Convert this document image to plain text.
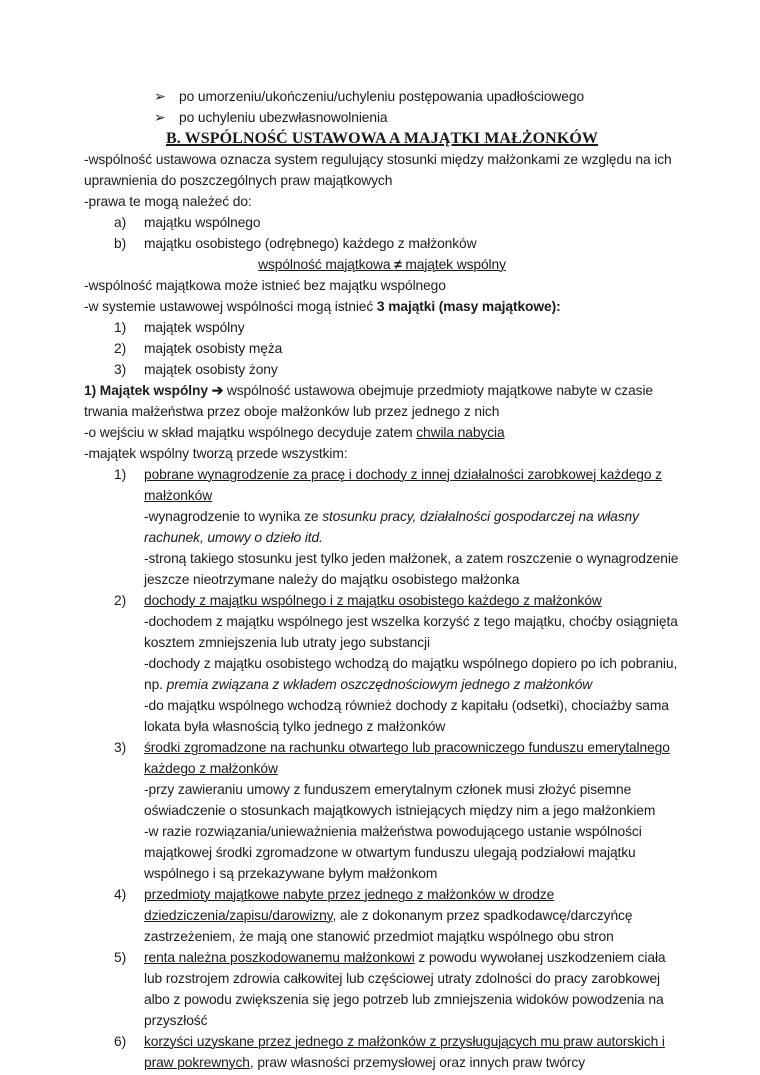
➢ po umorzeniu/ukończeniu/uchyleniu postępowania upadłościowego
➢ po uchyleniu ubezwłasnowolnienia
B. WSPÓLNOŚĆ USTAWOWA A MAJĄTKI MAŁŻONKÓW

-wspólność ustawowa oznacza system regulujący stosunki między małżonkami ze względu na ich uprawnienia do poszczególnych praw majątkowych

-prawa te mogą należeć do:

a)	majątku wspólnego
b)	majątku osobistego (odrębnego) każdego z małżonków
wspólność majątkowa ≠ majątek wspólny

-wspólność majątkowa może istnieć bez majątku wspólnego

-w systemie ustawowej wspólności mogą istnieć 3 majątki (masy majątkowe):

1)	majątek wspólny
2)	majątek osobisty męża
3)	majątek osobisty żony

1) Majątek wspólny ➔ wspólność ustawowa obejmuje przedmioty majątkowe nabyte w czasie trwania małżeństwa przez oboje małżonków lub przez jednego z nich

-o wejściu w skład majątku wspólnego decyduje zatem chwila nabycia

-majątek wspólny tworzą przede wszystkim:

1)	pobrane wynagrodzenie za pracę i dochody z innej działalności zarobkowej każdego z małżonków

-wynagrodzenie to wynika ze stosunku pracy, działalności gospodarczej na własny rachunek, umowy o dzieło itd.

-stroną takiego stosunku jest tylko jeden małżonek, a zatem roszczenie o wynagrodzenie jeszcze nieotrzymane należy do majątku osobistego małżonka

2)	dochody z majątku wspólnego i z majątku osobistego każdego z małżonków

-dochodem z majątku wspólnego jest wszelka korzyść z tego majątku, choćby osiągnięta kosztem zmniejszenia lub utraty jego substancji

-dochody z majątku osobistego wchodzą do majątku wspólnego dopiero po ich pobraniu, np. premia związana z wkładem oszczędnościowym jednego z małżonków

-do majątku wspólnego wchodzą również dochody z kapitału (odsetki), chociażby sama lokata była własnością tylko jednego z małżonków

3)	środki zgromadzone na rachunku otwartego lub pracowniczego funduszu emerytalnego każdego z małżonków

-przy zawieraniu umowy z funduszem emerytalnym członek musi złożyć pisemne oświadczenie o stosunkach majątkowych istniejących między nim a jego małżonkiem

-w razie rozwiązania/unieważnienia małżeństwa powodującego ustanie wspólności majątkowej środki zgromadzone w otwartym funduszu ulegają podziałowi majątku wspólnego i są przekazywane byłym małżonkom

4)	przedmioty majątkowe nabyte przez jednego z małżonków w drodze dziedziczenia/zapisu/darowizny, ale z dokonanym przez spadkodawcę/darczyńcę zastrzeżeniem, że mają one stanowić przedmiot majątku wspólnego obu stron

5)	renta należna poszkodowanemu małżonkowi z powodu wywołanej uszkodzeniem ciała lub rozstrojem zdrowia całkowitej lub częściowej utraty zdolności do pracy zarobkowej albo z powodu zwiększenia się jego potrzeb lub zmniejszenia widoków powodzenia na przyszłość

6)	korzyści uzyskane przez jednego z małżonków z przysługujących mu praw autorskich i praw pokrewnych, praw własności przemysłowej oraz innych praw twórcy
